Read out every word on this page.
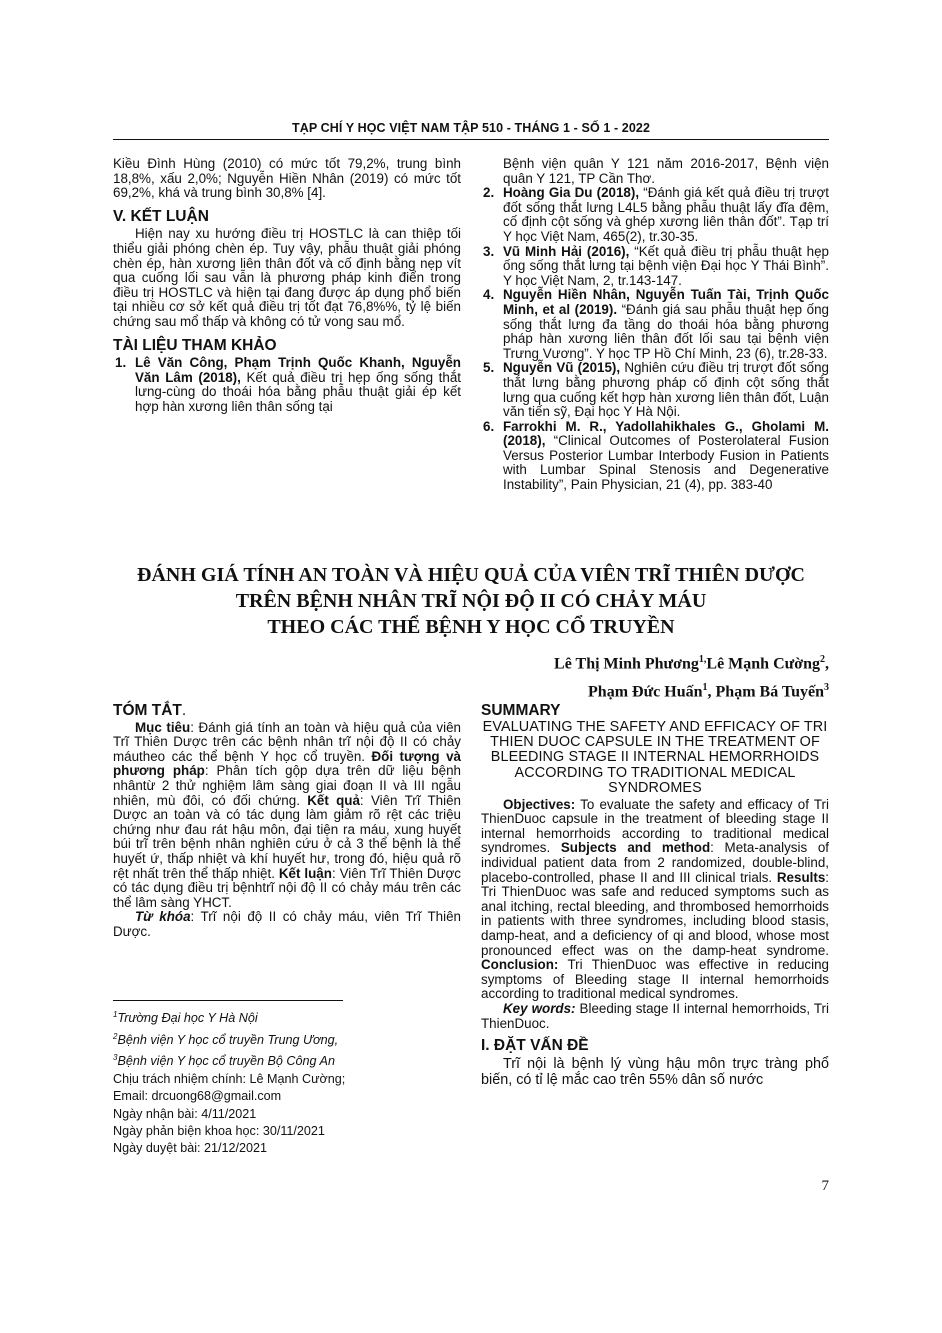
TẠP CHÍ Y HỌC VIỆT NAM TẬP 510 - THÁNG 1 - SỐ 1 - 2022

Kiều Đình Hùng (2010) có mức tốt 79,2%, trung bình 18,8%, xấu 2,0%; Nguyễn Hiền Nhân (2019) có mức tốt 69,2%, khá và trung bình 30,8% [4].

V. KẾT LUẬN

Hiện nay xu hướng điều trị HOSTLC là can thiệp tối thiểu giải phóng chèn ép. Tuy vậy, phẫu thuật giải phóng chèn ép, hàn xương liên thân đốt và cố định bằng nẹp vít qua cuống lối sau vẫn là phương pháp kinh điển trong điều trị HOSTLC và hiện tại đang được áp dụng phổ biến tại nhiều cơ sở kết quả điều trị tốt đạt 76,8%%, tỷ lệ biến chứng sau mổ thấp và không có tử vong sau mổ.

TÀI LIỆU THAM KHẢO

1. Lê Văn Công, Phạm Trịnh Quốc Khanh, Nguyễn Văn Lâm (2018), Kết quả điều trị hẹp ống sống thắt lưng-cùng do thoái hóa bằng phẫu thuật giải ép kết hợp hàn xương liên thân sống tại
Bệnh viện quân Y 121 năm 2016-2017, Bệnh viện quân Y 121, TP Cần Thơ.
2. Hoàng Gia Du (2018), “Đánh giá kết quả điều trị trượt đốt sống thắt lưng L4L5 bằng phẫu thuật lấy đĩa đệm, cố định cột sống và ghép xương liên thân đốt”. Tạp trí Y học Việt Nam, 465(2), tr.30-35.
3. Vũ Minh Hải (2016), “Kết quả điều trị phẫu thuật hẹp ống sống thắt lưng tại bệnh viện Đại học Y Thái Bình”. Y học Việt Nam, 2, tr.143-147.
4. Nguyễn Hiền Nhân, Nguyễn Tuấn Tài, Trịnh Quốc Minh, et al (2019). “Đánh giá sau phẫu thuật hẹp ống sống thắt lưng đa tầng do thoái hóa bằng phương pháp hàn xương liên thân đốt lối sau tại bệnh viện Trưng Vương”. Y học TP Hồ Chí Minh, 23 (6), tr.28-33.
5. Nguyễn Vũ (2015), Nghiên cứu điều trị trượt đốt sống thắt lưng bằng phương pháp cố định cột sống thắt lưng qua cuống kết hợp hàn xương liên thân đốt, Luận văn tiến sỹ, Đại học Y Hà Nội.
6. Farrokhi M. R., Yadollahikhales G., Gholami M. (2018), “Clinical Outcomes of Posterolateral Fusion Versus Posterior Lumbar Interbody Fusion in Patients with Lumbar Spinal Stenosis and Degenerative Instability”, Pain Physician, 21 (4), pp. 383-40
ĐÁNH GIÁ TÍNH AN TOÀN VÀ HIỆU QUẢ CỦA VIÊN TRĨ THIÊN DƯỢC
TRÊN BỆNH NHÂN TRĨ NỘI ĐỘ II CÓ CHẢY MÁU
THEO CÁC THỂ BỆNH Y HỌC CỔ TRUYỀN
Lê Thị Minh Phương$^{1,}$Lê Mạnh Cường$^2$,
Phạm Đức Huấn$^1$, Phạm Bá Tuyến$^3$

TÓM TẮT.

Mục tiêu: Đánh giá tính an toàn và hiệu quả của viên Trĩ Thiên Dược trên các bệnh nhân trĩ nội độ II có chảy máutheo các thể bệnh Y học cổ truyền. Đối tượng và phương pháp: Phân tích gộp dựa trên dữ liệu bệnh nhântừ 2 thử nghiệm lâm sàng giai đoạn II và III ngẫu nhiên, mù đôi, có đối chứng. Kết quả: Viên Trĩ Thiên Dược an toàn và có tác dụng làm giảm rõ rệt các triệu chứng như đau rát hậu môn, đại tiện ra máu, xung huyết búi trĩ trên bệnh nhân nghiên cứu ở cả 3 thể bệnh là thể huyết ứ, thấp nhiệt và khí huyết hư, trong đó, hiệu quả rõ rệt nhất trên thể thấp nhiệt. Kết luận: Viên Trĩ Thiên Dược có tác dụng điều trị bệnhtrĩ nội độ II có chảy máu trên các thể lâm sàng YHCT.

Từ khóa: Trĩ nội độ II có chảy máu, viên Trĩ Thiên Dược.

SUMMARY

EVALUATING THE SAFETY AND EFFICACY OF TRI THIEN DUOC CAPSULE IN THE TREATMENT OF BLEEDING STAGE II INTERNAL HEMORRHOIDS ACCORDING TO TRADITIONAL MEDICAL SYNDROMES

Objectives: To evaluate the safety and efficacy of Tri ThienDuoc capsule in the treatment of bleeding stage II internal hemorrhoids according to traditional medical syndromes. Subjects and method: Meta-analysis of individual patient data from 2 randomized, double-blind, placebo-controlled, phase II and III clinical trials. Results: Tri ThienDuoc was safe and reduced symptoms such as anal itching, rectal bleeding, and thrombosed hemorrhoids in patients with three syndromes, including blood stasis, damp-heat, and a deficiency of qi and blood, whose most pronounced effect was on the damp-heat syndrome. Conclusion: Tri ThienDuoc was effective in reducing symptoms of Bleeding stage II internal hemorrhoids according to traditional medical syndromes.

Key words: Bleeding stage II internal hemorrhoids, Tri ThienDuoc.

I. ĐẶT VẤN ĐỀ

Trĩ nội là bệnh lý vùng hậu môn trực tràng phổ biến, có tỉ lệ mắc cao trên 55% dân số nước

$^1$Trường Đại học Y Hà Nội

$^2$Bệnh viện Y học cổ truyền Trung Ương,

$^3$Bệnh viện Y học cổ truyền Bộ Công An

Chịu trách nhiệm chính: Lê Mạnh Cường;

Email: drcuong68@gmail.com

Ngày nhận bài: 4/11/2021

Ngày phản biện khoa học: 30/11/2021

Ngày duyệt bài: 21/12/2021

7
